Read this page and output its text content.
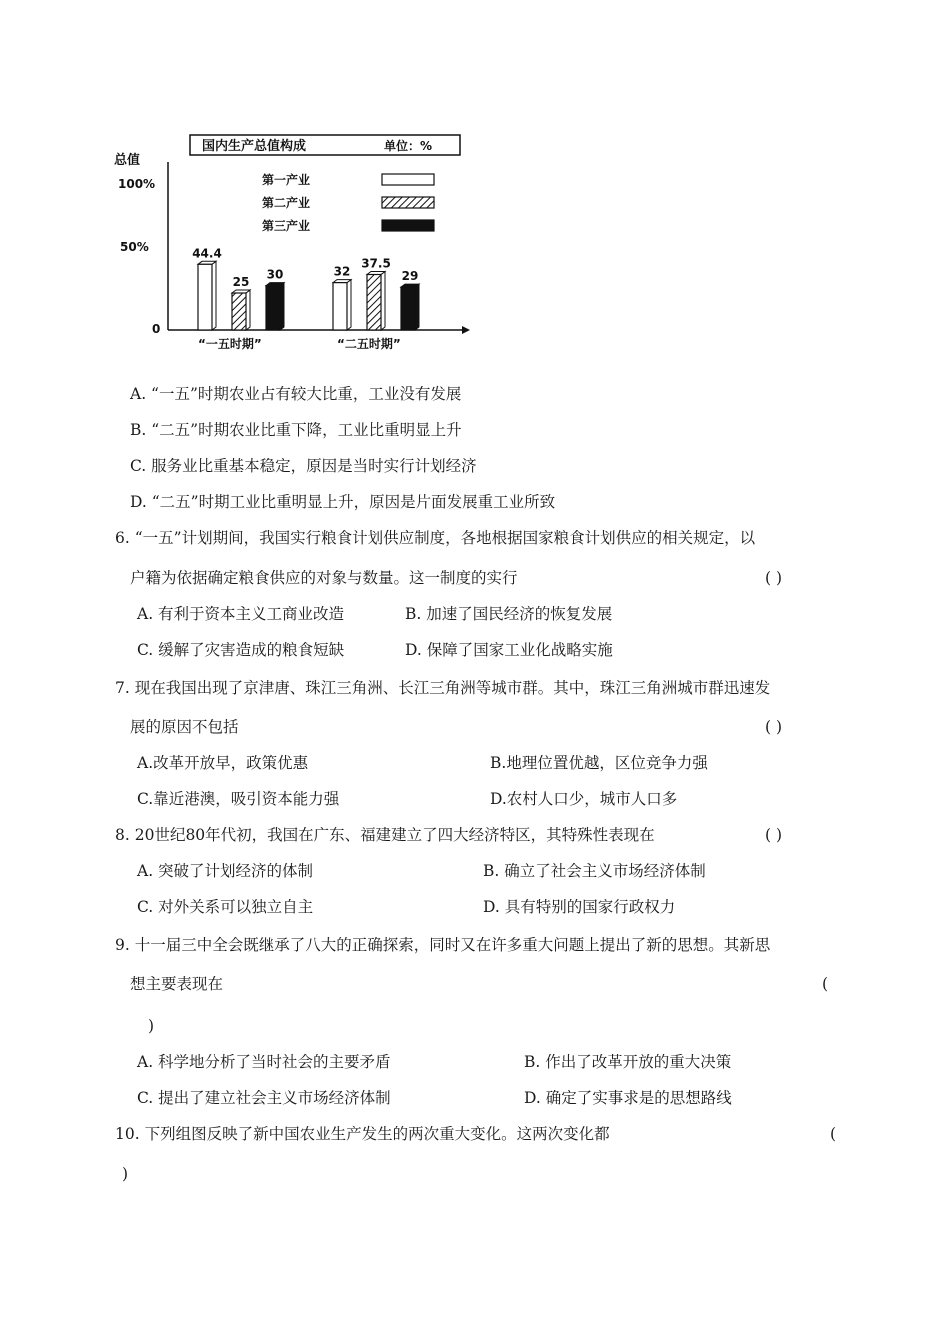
国内生产总值构成	单位：%
总值
100%
50%
0
第一产业
第二产业
第三产业
44.4
32
25
37.5
30	29
“一五时期”	“二五时期”
A. “一五”时期农业占有较大比重，工业没有发展
B. “二五”时期农业比重下降，工业比重明显上升
C. 服务业比重基本稳定，原因是当时实行计划经济
D. “二五”时期工业比重明显上升，原因是片面发展重工业所致
6. “一五”计划期间，我国实行粮食计划供应制度，各地根据国家粮食计划供应的相关规定，以
户籍为依据确定粮食供应的对象与数量。这一制度的实行	( )
A. 有利于资本主义工商业改造	B. 加速了国民经济的恢复发展
C. 缓解了灾害造成的粮食短缺	D. 保障了国家工业化战略实施
7. 现在我国出现了京津唐、珠江三角洲、长江三角洲等城市群。其中，珠江三角洲城市群迅速发
展的原因不包括	( )
A.改革开放早，政策优惠	B.地理位置优越，区位竞争力强
C.靠近港澳，吸引资本能力强	D.农村人口少，城市人口多
8. 20世纪80年代初，我国在广东、福建建立了四大经济特区，其特殊性表现在	( )
A. 突破了计划经济的体制	B. 确立了社会主义市场经济体制
C. 对外关系可以独立自主	D. 具有特别的国家行政权力
9. 十一届三中全会既继承了八大的正确探索，同时又在许多重大问题上提出了新的思想。其新思
想主要表现在	(
)
A. 科学地分析了当时社会的主要矛盾	B. 作出了改革开放的重大决策
C. 提出了建立社会主义市场经济体制	D. 确定了实事求是的思想路线
10. 下列组图反映了新中国农业生产发生的两次重大变化。这两次变化都	(
)
